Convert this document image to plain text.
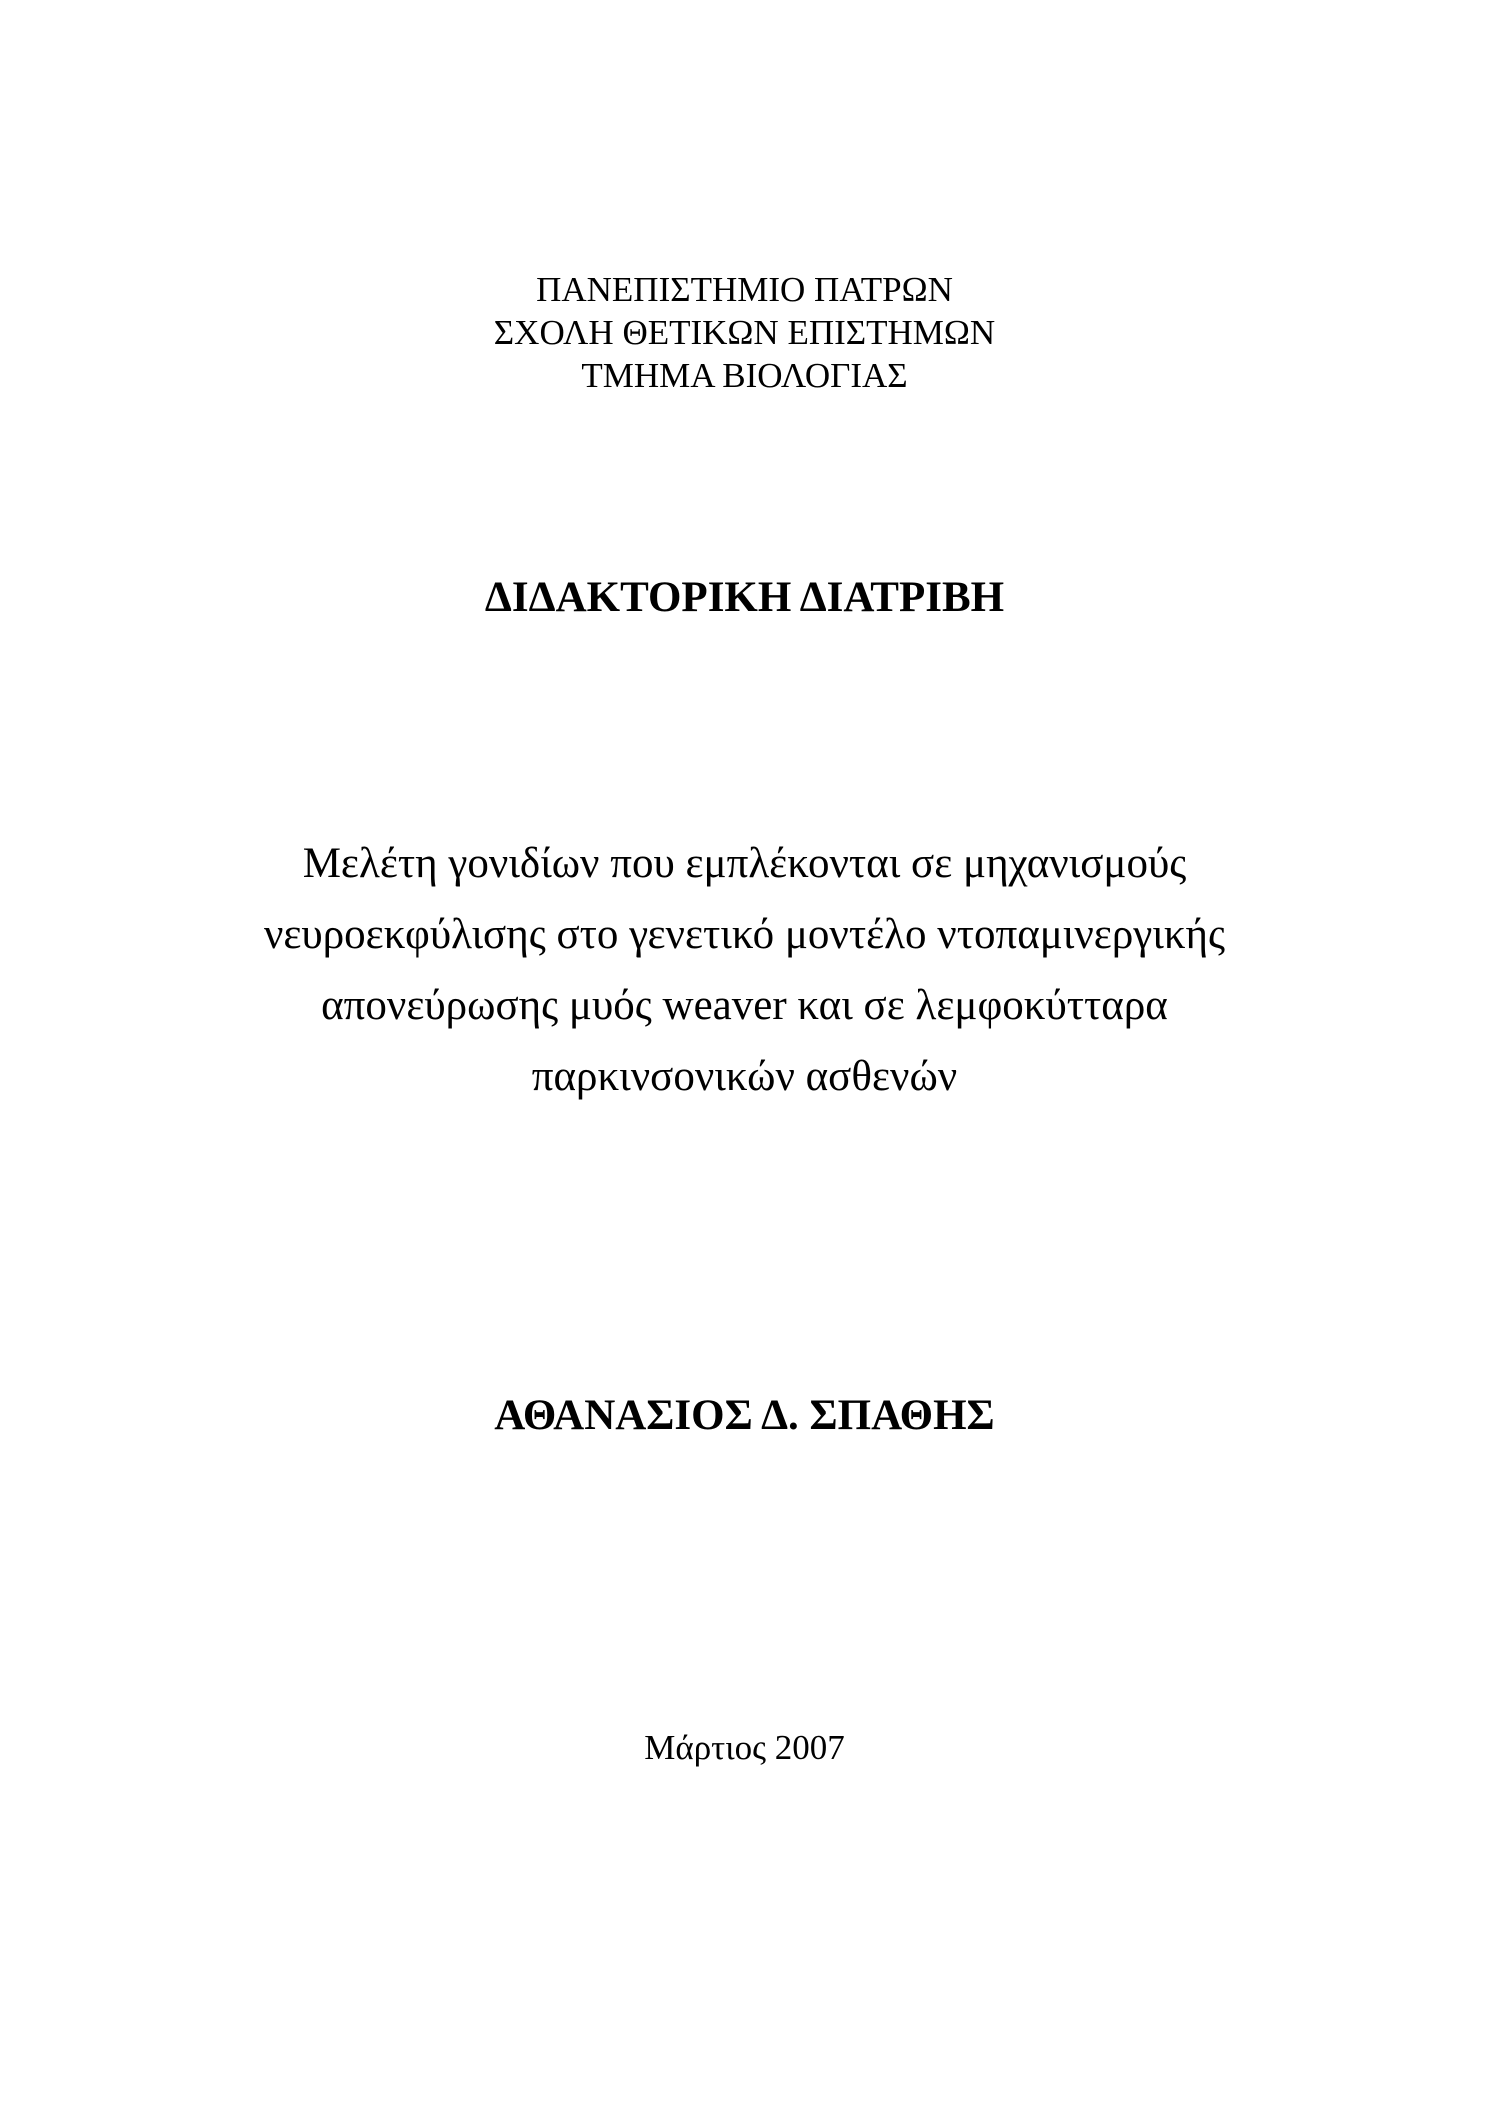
ΠΑΝΕΠΙΣΤΗΜΙΟ ΠΑΤΡΩΝ
ΣΧΟΛΗ ΘΕΤΙΚΩΝ ΕΠΙΣΤΗΜΩΝ
ΤΜΗΜΑ ΒΙΟΛΟΓΙΑΣ
ΔΙΔΑΚΤΟΡΙΚΗ ΔΙΑΤΡΙΒΗ
Μελέτη γονιδίων που εμπλέκονται σε μηχανισμούς
νευροεκφύλισης στο γενετικό μοντέλο ντοπαμινεργικής
απονεύρωσης μυός weaver και σε λεμφοκύτταρα
παρκινσονικών ασθενών
ΑΘΑΝΑΣΙΟΣ Δ. ΣΠΑΘΗΣ
Μάρτιος 2007
